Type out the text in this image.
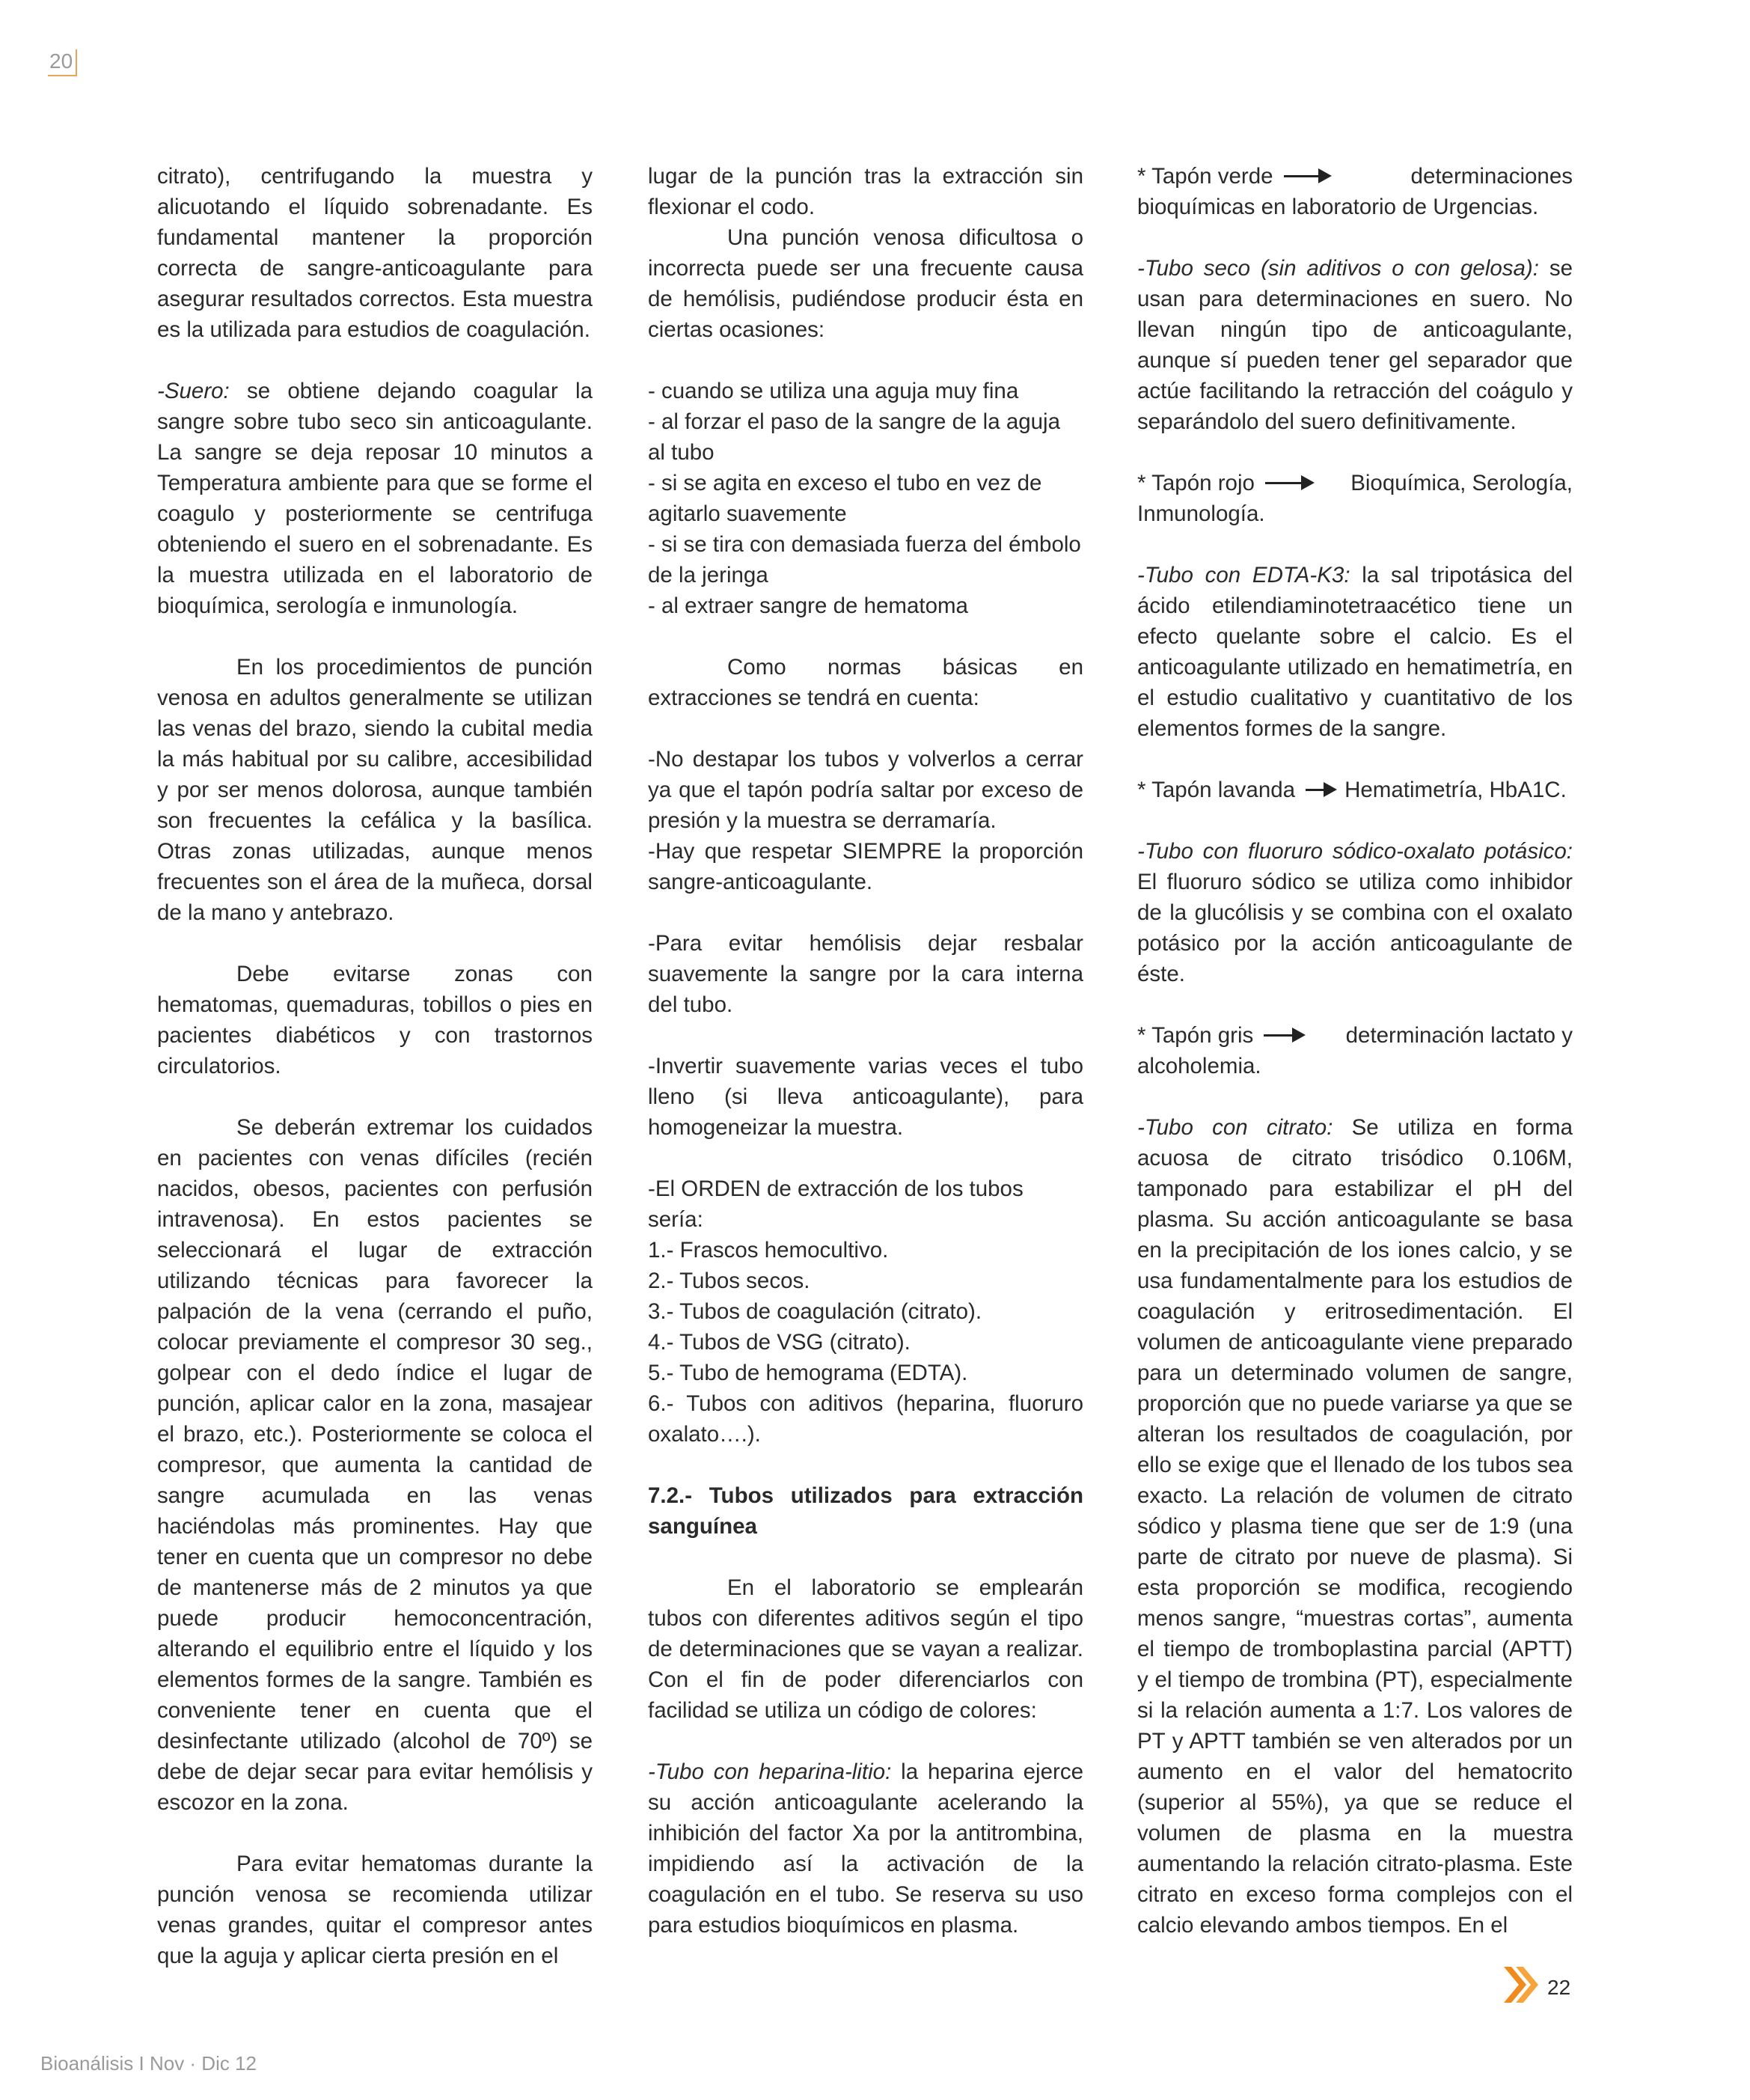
20

citrato), centrifugando la muestra y alicuotando el líquido sobrenadante. Es fundamental mantener la proporción correcta de sangre-anticoagulante para asegurar resultados correctos. Esta muestra es la utilizada para estudios de coagulación.

-Suero: se obtiene dejando coagular la sangre sobre tubo seco sin anticoagulante. La sangre se deja reposar 10 minutos a Temperatura ambiente para que se forme el coagulo y posteriormente se centrifuga obteniendo el suero en el sobrenadante. Es la muestra utilizada en el laboratorio de bioquímica, serología e inmunología.

En los procedimientos de punción venosa en adultos generalmente se utilizan las venas del brazo, siendo la cubital media la más habitual por su calibre, accesibilidad y por ser menos dolorosa, aunque también son frecuentes la cefálica y la basílica. Otras zonas utilizadas, aunque menos frecuentes son el área de la muñeca, dorsal de la mano y antebrazo.

Debe evitarse zonas con hematomas, quemaduras, tobillos o pies en pacientes diabéticos y con trastornos circulatorios.

Se deberán extremar los cuidados en pacientes con venas difíciles (recién nacidos, obesos, pacientes con perfusión intravenosa). En estos pacientes se seleccionará el lugar de extracción utilizando técnicas para favorecer la palpación de la vena (cerrando el puño, colocar previamente el compresor 30 seg., golpear con el dedo índice el lugar de punción, aplicar calor en la zona, masajear el brazo, etc.). Posteriormente se coloca el compresor, que aumenta la cantidad de sangre acumulada en las venas haciéndolas más prominentes. Hay que tener en cuenta que un compresor no debe de mantenerse más de 2 minutos ya que puede producir hemoconcentración, alterando el equilibrio entre el líquido y los elementos formes de la sangre. También es conveniente tener en cuenta que el desinfectante utilizado (alcohol de 70º) se debe de dejar secar para evitar hemólisis y escozor en la zona.

Para evitar hematomas durante la punción venosa se recomienda utilizar venas grandes, quitar el compresor antes que la aguja y aplicar cierta presión en el

lugar de la punción tras la extracción sin flexionar el codo.

Una punción venosa dificultosa o incorrecta puede ser una frecuente causa de hemólisis, pudiéndose producir ésta en ciertas ocasiones:

- cuando se utiliza una aguja muy fina

- al forzar el paso de la sangre de la aguja al tubo

- si se agita en exceso el tubo en vez de agitarlo suavemente

- si se tira con demasiada fuerza del émbolo de la jeringa

- al extraer sangre de hematoma

Como normas básicas en extracciones se tendrá en cuenta:

-No destapar los tubos y volverlos a cerrar ya que el tapón podría saltar por exceso de presión y la muestra se derramaría.

-Hay que respetar SIEMPRE la proporción sangre-anticoagulante.

-Para evitar hemólisis dejar resbalar suavemente la sangre por la cara interna del tubo.

-Invertir suavemente varias veces el tubo lleno (si lleva anticoagulante), para homogeneizar la muestra.

-El ORDEN de extracción de los tubos sería:

1.- Frascos hemocultivo.

2.- Tubos secos.

3.- Tubos de coagulación (citrato).

4.- Tubos de VSG (citrato).

5.- Tubo de hemograma (EDTA).

6.- Tubos con aditivos (heparina, fluoruro oxalato….).

7.2.- Tubos utilizados para extracción sanguínea

En el laboratorio se emplearán tubos con diferentes aditivos según el tipo de determinaciones que se vayan a realizar. Con el fin de poder diferenciarlos con facilidad se utiliza un código de colores:

-Tubo con heparina-litio: la heparina ejerce su acción anticoagulante acelerando la inhibición del factor Xa por la antitrombina, impidiendo así la activación de la coagulación en el tubo. Se reserva su uso para estudios bioquímicos en plasma.

* Tapón verde	determinaciones

bioquímicas en laboratorio de Urgencias.

-Tubo seco (sin aditivos o con gelosa): se usan para determinaciones en suero. No llevan ningún tipo de anticoagulante, aunque sí pueden tener gel separador que actúe facilitando la retracción del coágulo y separándolo del suero definitivamente.

* Tapón rojo	Bioquímica, Serología,

Inmunología.

-Tubo con EDTA-K3: la sal tripotásica del ácido etilendiaminotetraacético tiene un efecto quelante sobre el calcio. Es el anticoagulante utilizado en hematimetría, en el estudio cualitativo y cuantitativo de los elementos formes de la sangre.

* Tapón lavanda Hematimetría, HbA1C.

-Tubo con fluoruro sódico-oxalato potásico: El fluoruro sódico se utiliza como inhibidor de la glucólisis y se combina con el oxalato potásico por la acción anticoagulante de éste.

* Tapón gris	determinación lactato y

alcoholemia.

-Tubo con citrato: Se utiliza en forma acuosa de citrato trisódico 0.106M, tamponado para estabilizar el pH del plasma. Su acción anticoagulante se basa en la precipitación de los iones calcio, y se usa fundamentalmente para los estudios de coagulación y eritrosedimentación. El volumen de anticoagulante viene preparado para un determinado volumen de sangre, proporción que no puede variarse ya que se alteran los resultados de coagulación, por ello se exige que el llenado de los tubos sea exacto. La relación de volumen de citrato sódico y plasma tiene que ser de 1:9 (una parte de citrato por nueve de plasma). Si esta proporción se modifica, recogiendo menos sangre, “muestras cortas”, aumenta el tiempo de tromboplastina parcial (APTT) y el tiempo de trombina (PT), especialmente si la relación aumenta a 1:7. Los valores de PT y APTT también se ven alterados por un aumento en el valor del hematocrito (superior al 55%), ya que se reduce el volumen de plasma en la muestra aumentando la relación citrato-plasma. Este citrato en exceso forma complejos con el calcio elevando ambos tiempos. En el

22
Bioanálisis I Nov · Dic 12
